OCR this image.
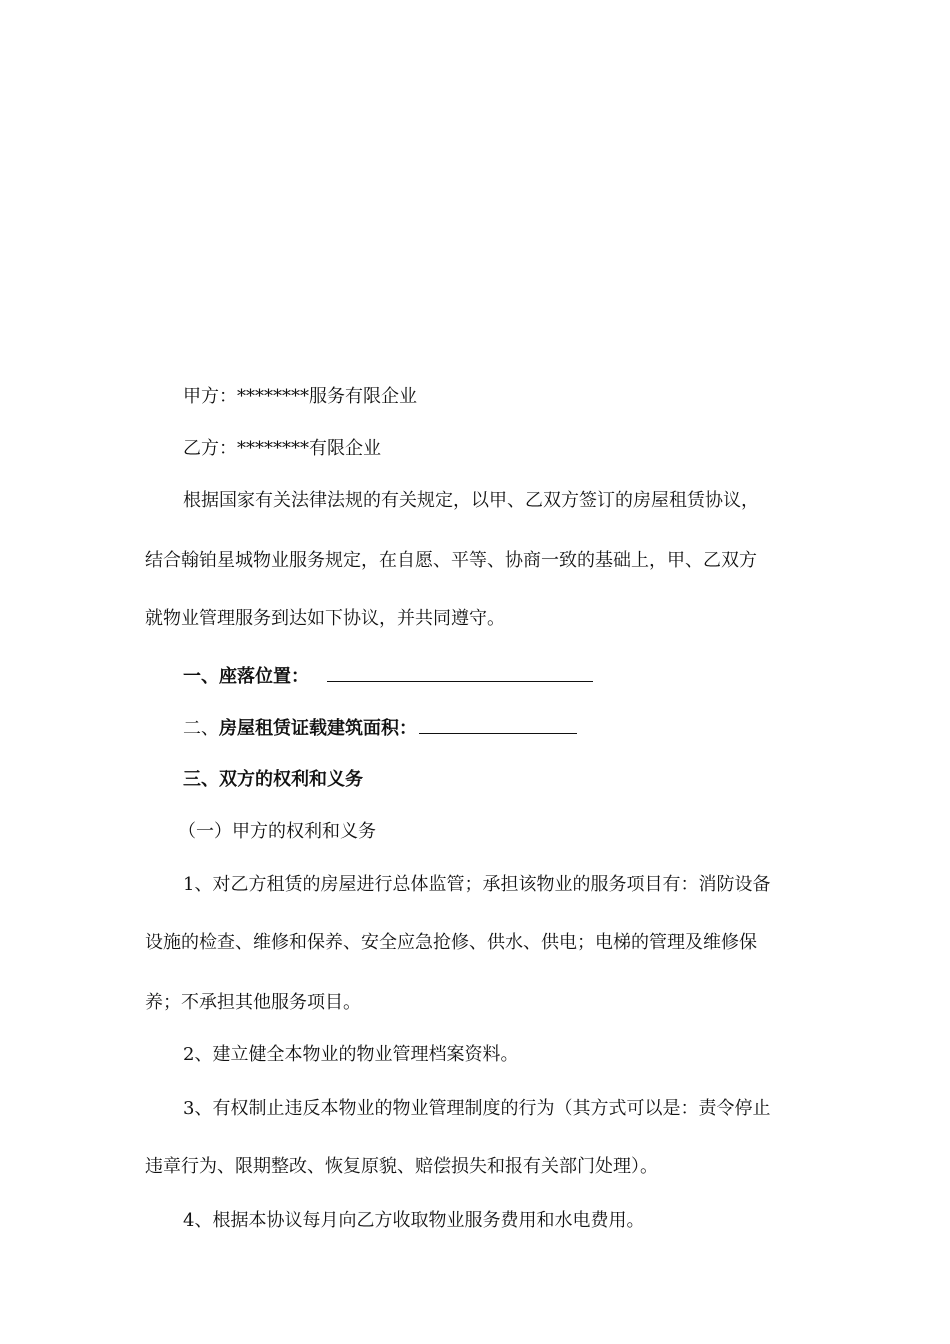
甲方：********服务有限企业
乙方：********有限企业
根据国家有关法律法规的有关规定，以甲、乙双方签订的房屋租赁协议，
结合翰铂星城物业服务规定，在自愿、平等、协商一致的基础上，甲、乙双方
就物业管理服务到达如下协议，并共同遵守。
一、座落位置：
二、房屋租赁证载建筑面积：
三、双方的权利和义务
（一）甲方的权利和义务
1、对乙方租赁的房屋进行总体监管；承担该物业的服务项目有：消防设备
设施的检查、维修和保养、安全应急抢修、供水、供电；电梯的管理及维修保
养；不承担其他服务项目。
2、建立健全本物业的物业管理档案资料。
3、有权制止违反本物业的物业管理制度的行为（其方式可以是：责令停止
违章行为、限期整改、恢复原貌、赔偿损失和报有关部门处理）。
4、根据本协议每月向乙方收取物业服务费用和水电费用。
